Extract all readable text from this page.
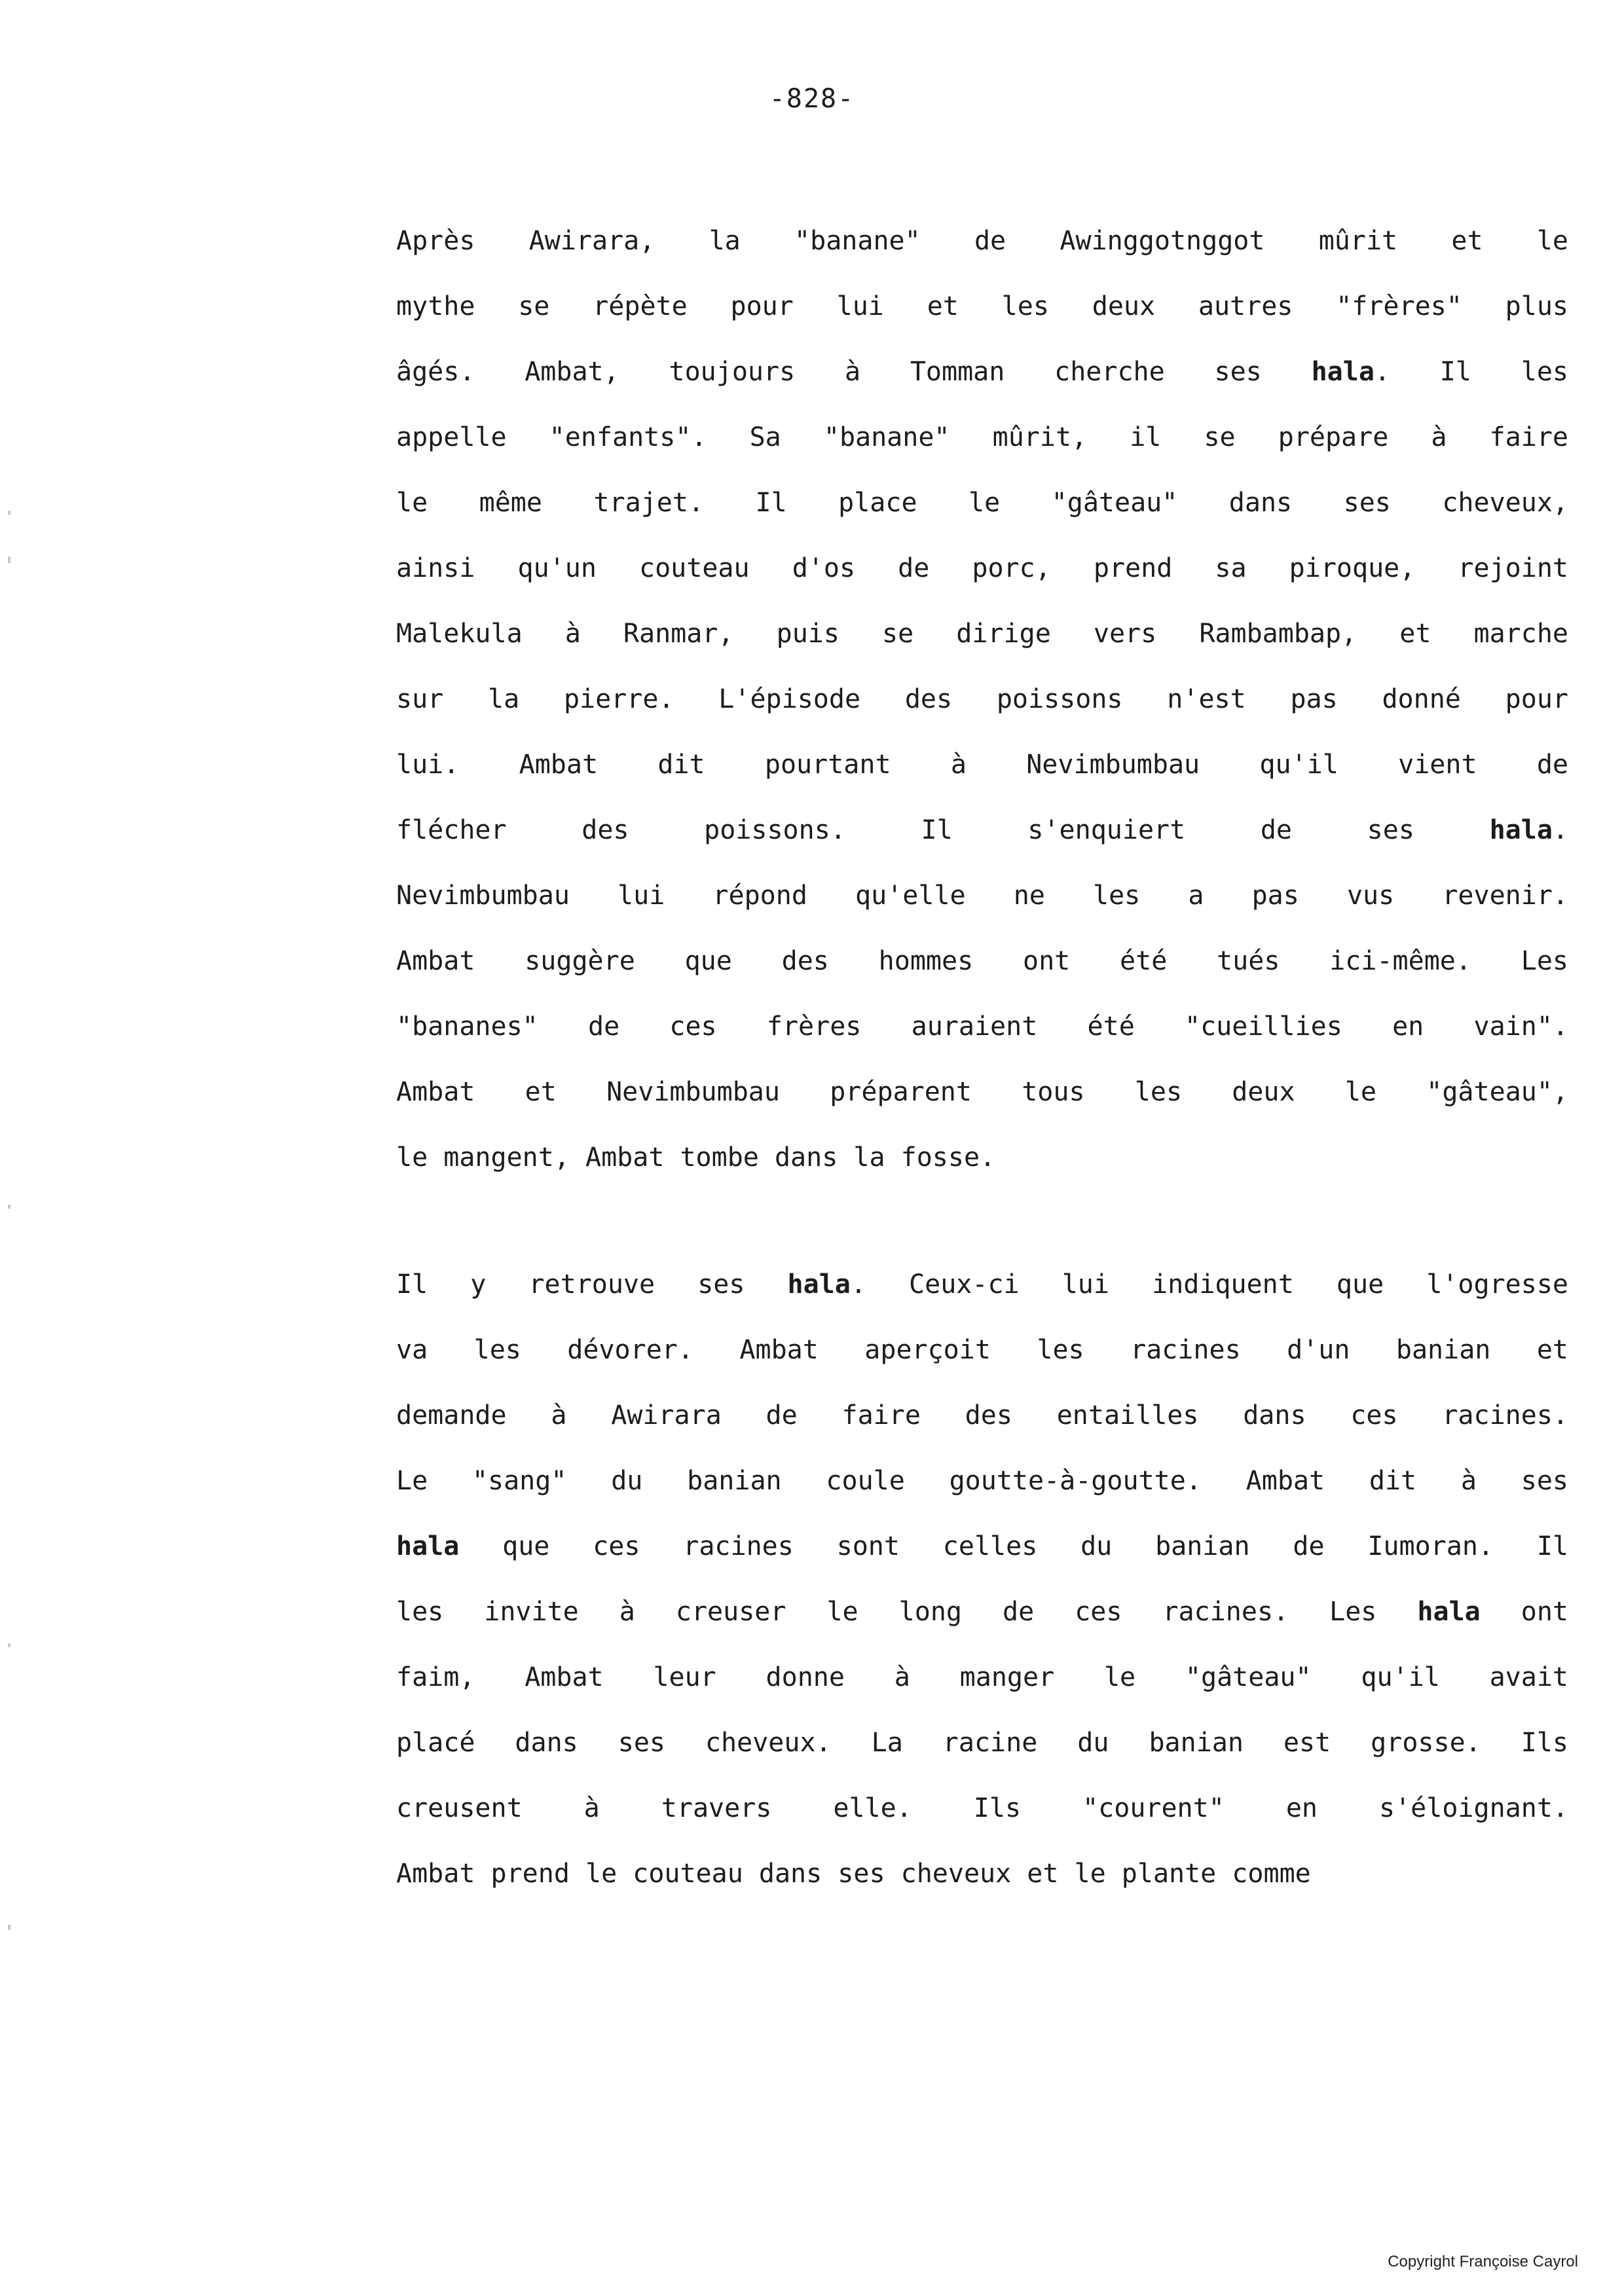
-828-
Après Awirara, la "banane" de Awinggotnggot mûrit et le
mythe se répète pour lui et les deux autres "frères" plus
âgés. Ambat, toujours à Tomman cherche ses hala. Il les
appelle "enfants". Sa "banane" mûrit, il se prépare à faire
le même trajet. Il place le "gâteau" dans ses cheveux,
ainsi qu'un couteau d'os de porc, prend sa piroque, rejoint
Malekula à Ranmar, puis se dirige vers Rambambap, et marche
sur la pierre. L'épisode des poissons n'est pas donné pour
lui. Ambat dit pourtant à Nevimbumbau qu'il vient de
flécher des poissons. Il s'enquiert de ses hala.
Nevimbumbau lui répond qu'elle ne les a pas vus revenir.
Ambat suggère que des hommes ont été tués ici-même. Les
"bananes" de ces frères auraient été "cueillies en vain".
Ambat et Nevimbumbau préparent tous les deux le "gâteau",
le mangent, Ambat tombe dans la fosse.
Il y retrouve ses hala. Ceux-ci lui indiquent que l'ogresse
va les dévorer. Ambat aperçoit les racines d'un banian et
demande à Awirara de faire des entailles dans ces racines.
Le "sang" du banian coule goutte-à-goutte. Ambat dit à ses
hala que ces racines sont celles du banian de Iumoran. Il
les invite à creuser le long de ces racines. Les hala ont
faim, Ambat leur donne à manger le "gâteau" qu'il avait
placé dans ses cheveux. La racine du banian est grosse. Ils
creusent à travers elle. Ils "courent" en s'éloignant.
Ambat prend le couteau dans ses cheveux et le plante comme
Copyright Françoise Cayrol
